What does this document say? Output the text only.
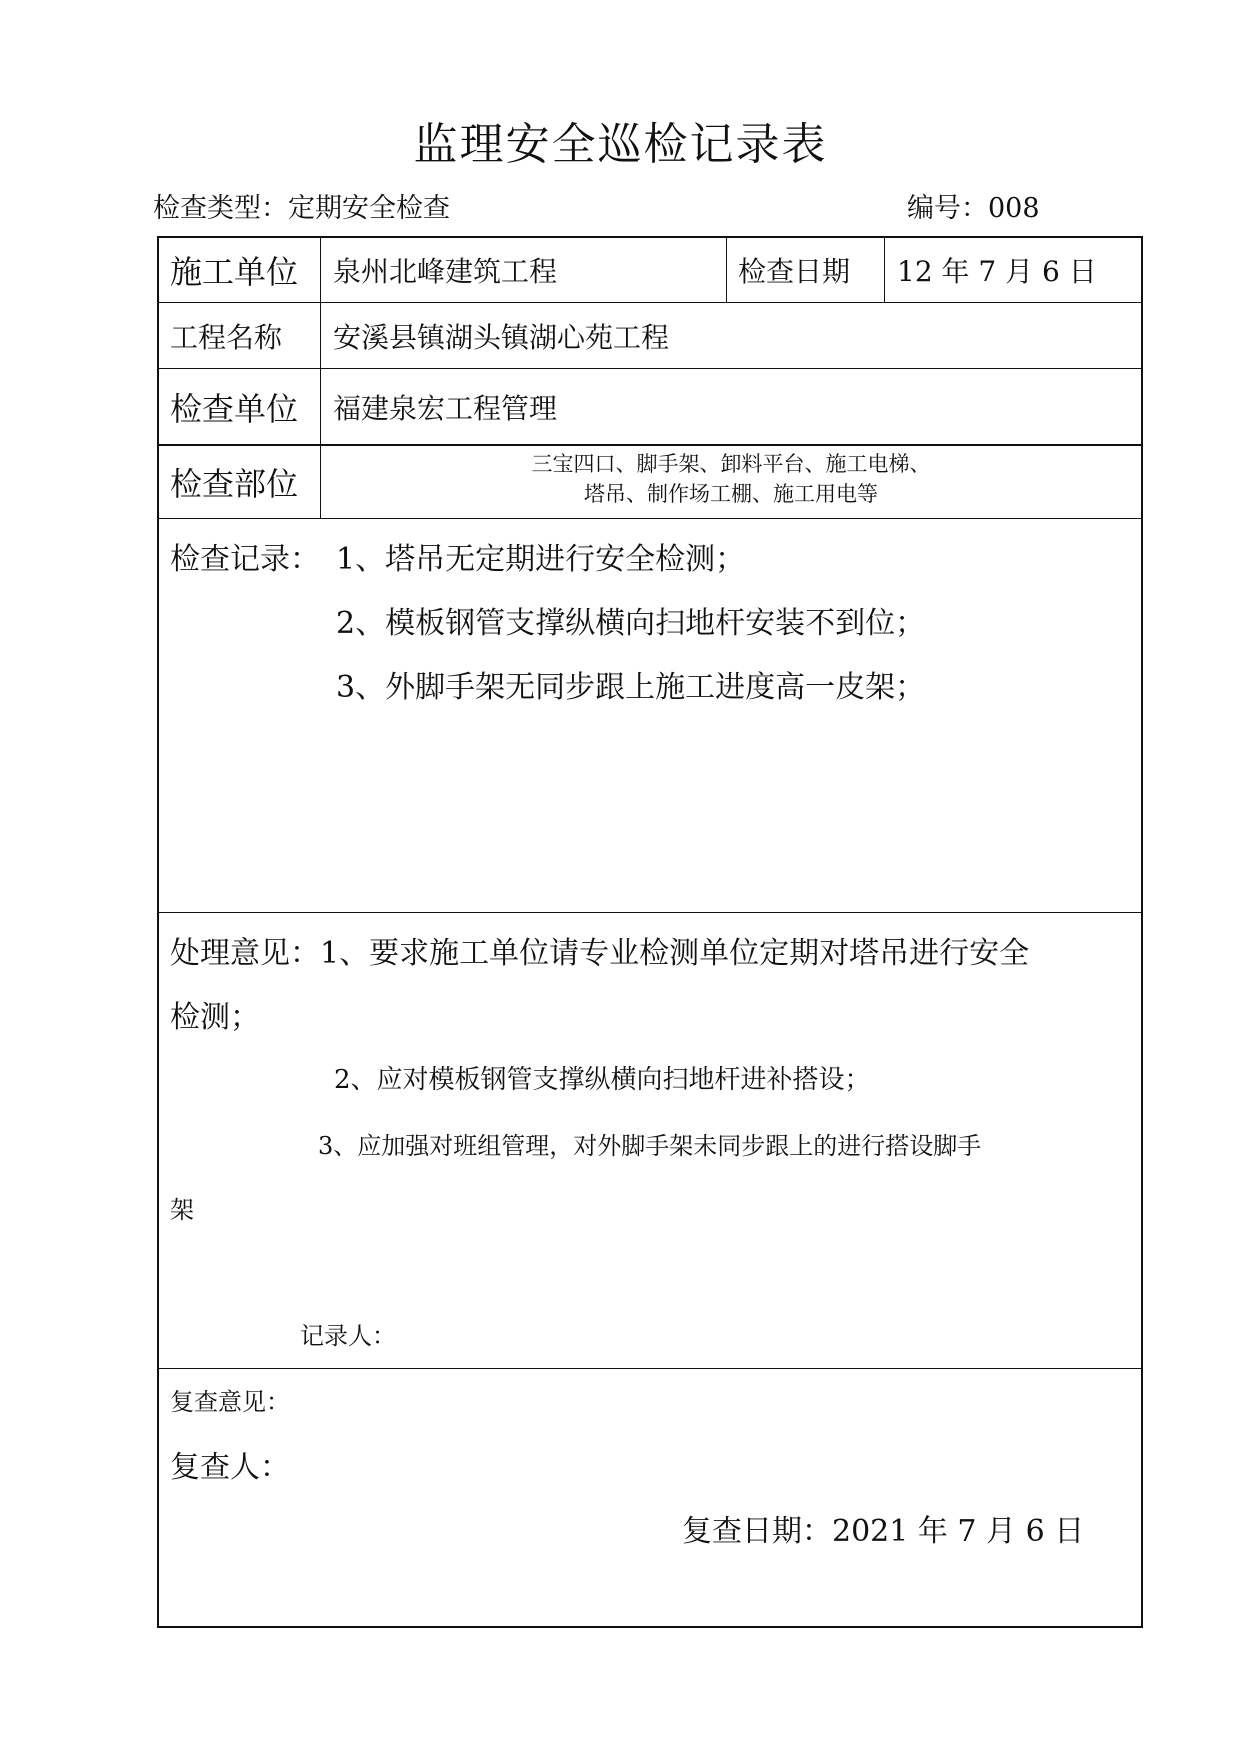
监理安全巡检记录表
检查类型：定期安全检查	编号：008
施工单位 泉州北峰建筑工程	检查日期 12 年 7 月 6 日
工程名称 安溪县镇湖头镇湖心苑工程
检查单位 福建泉宏工程管理
检查部位
三宝四口、脚手架、卸料平台、施工电梯、
塔吊、制作场工棚、施工用电等
检查记录： 1、塔吊无定期进行安全检测；
2、模板钢管支撑纵横向扫地杆安装不到位；
3、外脚手架无同步跟上施工进度高一皮架；
处理意见：1、要求施工单位请专业检测单位定期对塔吊进行安全
检测；
2、应对模板钢管支撑纵横向扫地杆进补搭设；
3、应加强对班组管理，对外脚手架未同步跟上的进行搭设脚手
架
记录人：
复查意见：
复查人：
复查日期：2021 年 7 月 6 日
